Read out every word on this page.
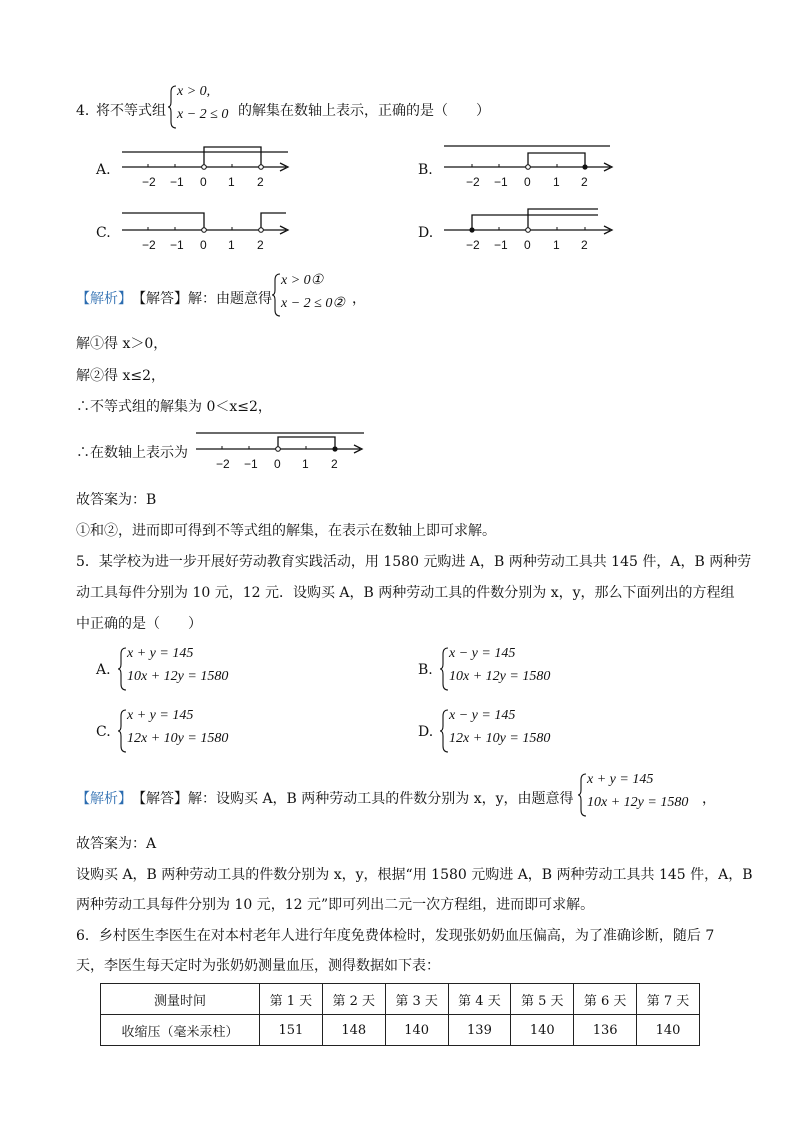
4．
将不等式组
x > 0,
x − 2 ≤ 0 的解集在数轴上表示，正确的是（　　）
A.
−2 −1 0 1 2
B.
−2 −1 0 1 2
C.
−2 −1 0 1 2
D.
−2 −1 0 1 2
【解析】 【解答】解：由题意得
x > 0①
x − 2 ≤ 0② ，
解①得 x＞0，
解②得 x≤2，
∴不等式组的解集为 0＜x≤2，
∴在数轴上表示为
−2 −1 0 1 2
故答案为：B
①和②，进而即可得到不等式组的解集，在表示在数轴上即可求解。
5．某学校为进一步开展好劳动教育实践活动，用 1580 元购进 A，B 两种劳动工具共 145 件，A，B 两种劳
动工具每件分别为 10 元，12 元．设购买 A，B 两种劳动工具的件数分别为 x，y，那么下面列出的方程组
中正确的是（　　）
A.
x + y = 145
10x + 12y = 1580	B.
x − y = 145
10x + 12y = 1580
C.
x + y = 145
12x + 10y = 1580	D.
x − y = 145
12x + 10y = 1580
【解析】 【解答】解：设购买 A，B 两种劳动工具的件数分别为 x，y，由题意得
x + y = 145
10x + 12y = 1580 ，
故答案为：A
设购买 A，B 两种劳动工具的件数分别为 x，y，根据“用 1580 元购进 A，B 两种劳动工具共 145 件，A，B
两种劳动工具每件分别为 10 元，12 元”即可列出二元一次方程组，进而即可求解。
6．乡村医生李医生在对本村老年人进行年度免费体检时，发现张奶奶血压偏高，为了准确诊断，随后 7
天，李医生每天定时为张奶奶测量血压，测得数据如下表：
测量时间	第 1 天	第 2 天	第 3 天	第 4 天	第 5 天	第 6 天	第 7 天
收缩压（毫米汞柱）	151	148	140	139	140	136	140
